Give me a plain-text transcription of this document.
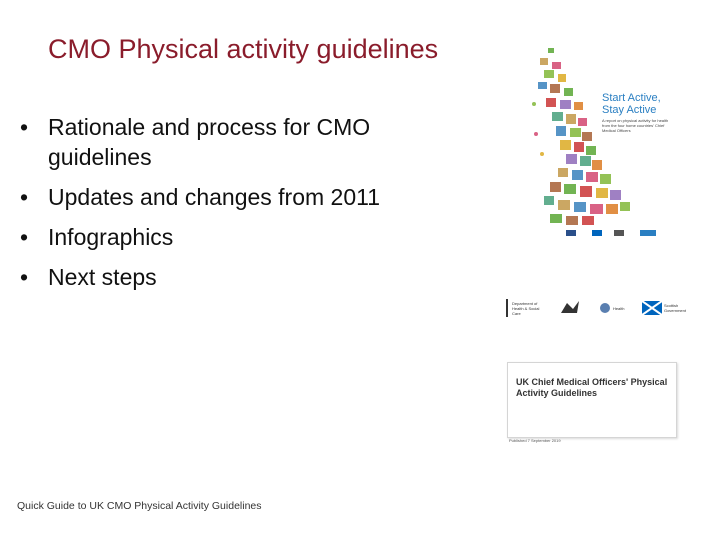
CMO Physical activity guidelines
• Rationale and process for CMO guidelines
• Updates and changes from 2011
• Infographics
• Next steps
Start Active,
Stay Active
A report on physical activity for health from the four home countries' Chief Medical Officers
Department of Health & Social Care
Health	Scottish Government
UK Chief Medical Officers' Physical Activity Guidelines
Published 7 September 2019
Quick Guide to UK CMO Physical Activity Guidelines
